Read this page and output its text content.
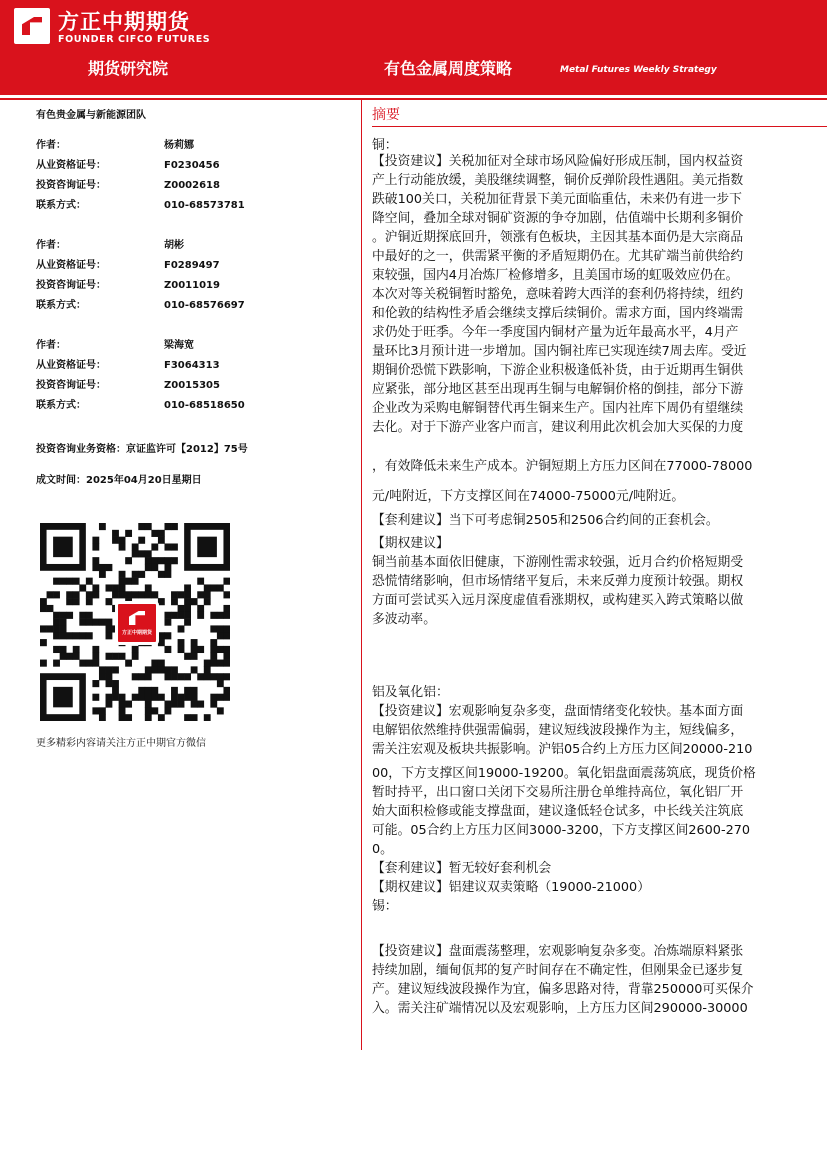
方正中期期货
FOUNDER CIFCO FUTURES
期货研究院	有色金属周度策略	Metal Futures Weekly Strategy
有色贵金属与新能源团队
作者：	杨莉娜
从业资格证号：	F0230456
投资咨询证号：	Z0002618
联系方式：	010-68573781
作者：	胡彬
从业资格证号：	F0289497
投资咨询证号：	Z0011019
联系方式：	010-68576697
作者：	梁海宽
从业资格证号：	F3064313
投资咨询证号：	Z0015305
联系方式：	010-68518650
投资咨询业务资格：京证监许可【2012】75号
成文时间：2025年04月20日星期日
方正中期期货
更多精彩内容请关注方正中期官方微信
摘要
铜：
【投资建议】关税加征对全球市场风险偏好形成压制，国内权益资
产上行动能放缓，美股继续调整，铜价反弹阶段性遇阻。美元指数
跌破100关口，关税加征背景下美元面临重估，未来仍有进一步下
降空间，叠加全球对铜矿资源的争夺加剧，估值端中长期利多铜价
。沪铜近期探底回升，领涨有色板块，主因其基本面仍是大宗商品
中最好的之一，供需紧平衡的矛盾短期仍在。尤其矿端当前供给约
束较强，国内4月冶炼厂检修增多，且美国市场的虹吸效应仍在。
本次对等关税铜暂时豁免，意味着跨大西洋的套利仍将持续，纽约
和伦敦的结构性矛盾会继续支撑后续铜价。需求方面，国内终端需
求仍处于旺季。今年一季度国内铜材产量为近年最高水平，4月产
量环比3月预计进一步增加。国内铜社库已实现连续7周去库。受近
期铜价恐慌下跌影响，下游企业积极逢低补货，由于近期再生铜供
应紧张，部分地区甚至出现再生铜与电解铜价格的倒挂，部分下游
企业改为采购电解铜替代再生铜来生产。国内社库下周仍有望继续
去化。对于下游产业客户而言，建议利用此次机会加大买保的力度
，有效降低未来生产成本。沪铜短期上方压力区间在77000-78000
元/吨附近，下方支撑区间在74000-75000元/吨附近。
【套利建议】当下可考虑铜2505和2506合约间的正套机会。
【期权建议】
铜当前基本面依旧健康，下游刚性需求较强，近月合约价格短期受
恐慌情绪影响，但市场情绪平复后，未来反弹力度预计较强。期权
方面可尝试买入远月深度虚值看涨期权，或构建买入跨式策略以做
多波动率。
铝及氧化铝：
【投资建议】宏观影响复杂多变，盘面情绪变化较快。基本面方面
电解铝依然维持供强需偏弱，建议短线波段操作为主，短线偏多，
需关注宏观及板块共振影响。沪铝05合约上方压力区间20000-210
00，下方支撑区间19000-19200。氧化铝盘面震荡筑底，现货价格
暂时持平，出口窗口关闭下交易所注册仓单维持高位，氧化铝厂开
始大面积检修或能支撑盘面，建议逢低轻仓试多，中长线关注筑底
可能。05合约上方压力区间3000-3200，下方支撑区间2600-270
0。
【套利建议】暂无较好套利机会
【期权建议】铝建议双卖策略（19000-21000）
锡：
【投资建议】盘面震荡整理，宏观影响复杂多变。冶炼端原料紧张
持续加剧，缅甸佤邦的复产时间存在不确定性，但刚果金已逐步复
产。建议短线波段操作为宜，偏多思路对待，背靠250000可买保介
入。需关注矿端情况以及宏观影响，上方压力区间290000-30000
